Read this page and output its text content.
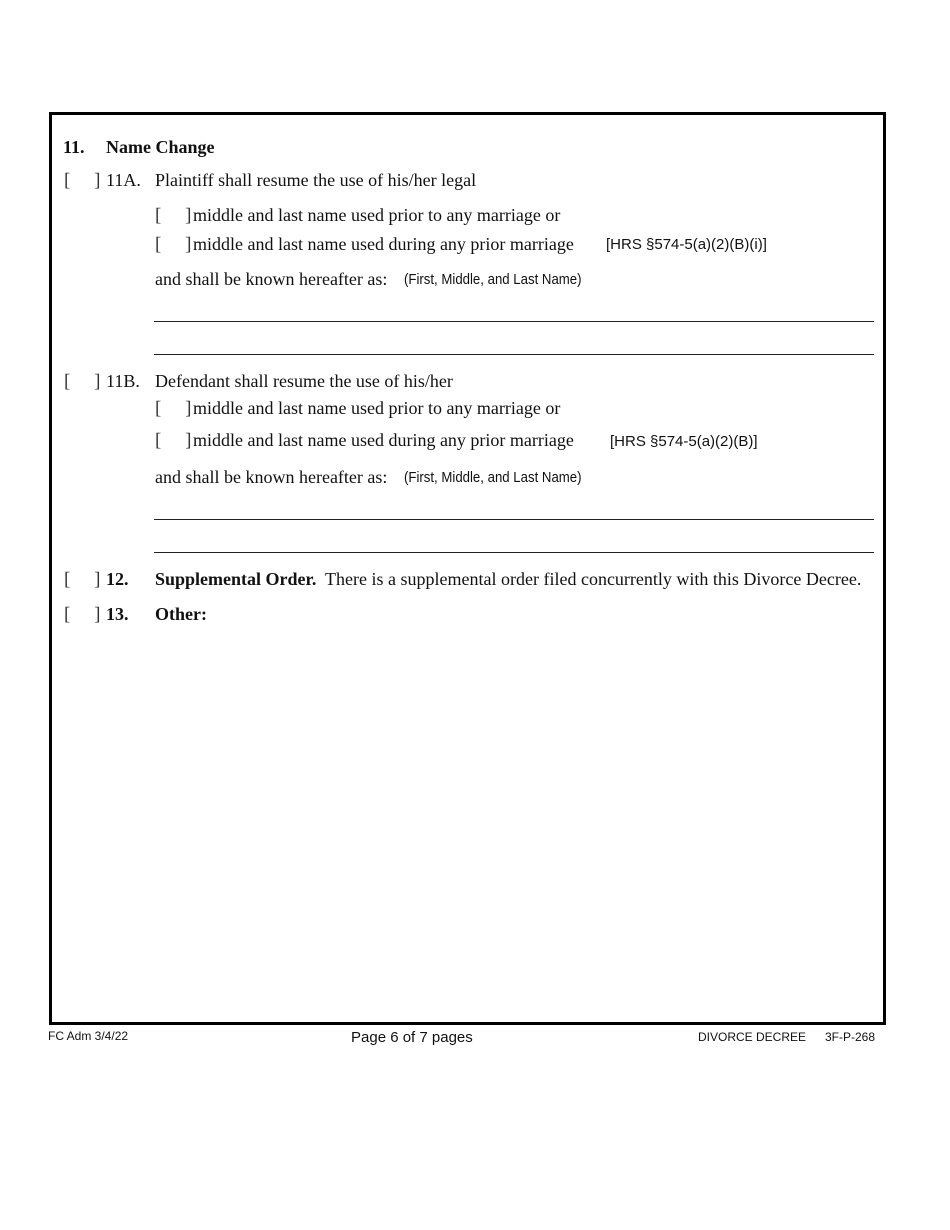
11. Name Change
[     ] 11A. Plaintiff shall resume the use of his/her legal
[     ] middle and last name used prior to any marriage or
[     ] middle and last name used during any prior marriage [HRS §574-5(a)(2)(B)(i)]
and shall be known hereafter as: (First, Middle, and Last Name)
[     ] 11B. Defendant shall resume the use of his/her
[     ] middle and last name used prior to any marriage or
[     ] middle and last name used during any prior marriage [HRS §574-5(a)(2)(B)]
and shall be known hereafter as: (First, Middle, and Last Name)
[     ] 12. Supplemental Order. There is a supplemental order filed concurrently with this Divorce Decree.
[     ] 13. Other:
FC Adm 3/4/22	Page 6 of 7 pages	DIVORCE DECREE 3F-P-268
